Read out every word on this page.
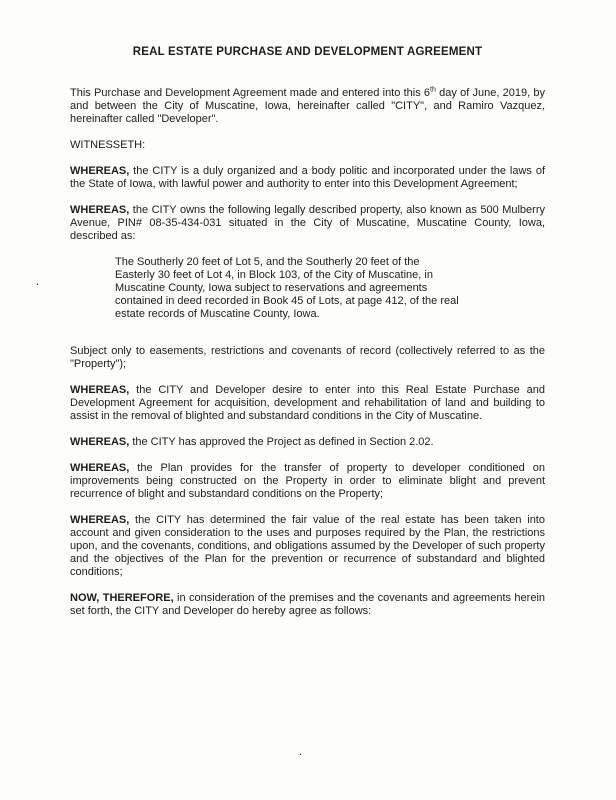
REAL ESTATE PURCHASE AND DEVELOPMENT AGREEMENT

This Purchase and Development Agreement made and entered into this 6th day of June, 2019, by and between the City of Muscatine, Iowa, hereinafter called "CITY", and Ramiro Vazquez, hereinafter called "Developer".

WITNESSETH:

WHEREAS, the CITY is a duly organized and a body politic and incorporated under the laws of the State of Iowa, with lawful power and authority to enter into this Development Agreement;

WHEREAS, the CITY owns the following legally described property, also known as 500 Mulberry Avenue, PIN# 08-35-434-031 situated in the City of Muscatine, Muscatine County, Iowa, described as:

The Southerly 20 feet of Lot 5, and the Southerly 20 feet of the
Easterly 30 feet of Lot 4, in Block 103, of the City of Muscatine, in
Muscatine County, Iowa subject to reservations and agreements
contained in deed recorded in Book 45 of Lots, at page 412, of the real
estate records of Muscatine County, Iowa.

Subject only to easements, restrictions and covenants of record (collectively referred to as the "Property");

WHEREAS, the CITY and Developer desire to enter into this Real Estate Purchase and Development Agreement for acquisition, development and rehabilitation of land and building to assist in the removal of blighted and substandard conditions in the City of Muscatine.

WHEREAS, the CITY has approved the Project as defined in Section 2.02.

WHEREAS, the Plan provides for the transfer of property to developer conditioned on improvements being constructed on the Property in order to eliminate blight and prevent recurrence of blight and substandard conditions on the Property;

WHEREAS, the CITY has determined the fair value of the real estate has been taken into account and given consideration to the uses and purposes required by the Plan, the restrictions upon, and the covenants, conditions, and obligations assumed by the Developer of such property and the objectives of the Plan for the prevention or recurrence of substandard and blighted conditions;

NOW, THEREFORE, in consideration of the premises and the covenants and agreements herein set forth, the CITY and Developer do hereby agree as follows:

.
.
